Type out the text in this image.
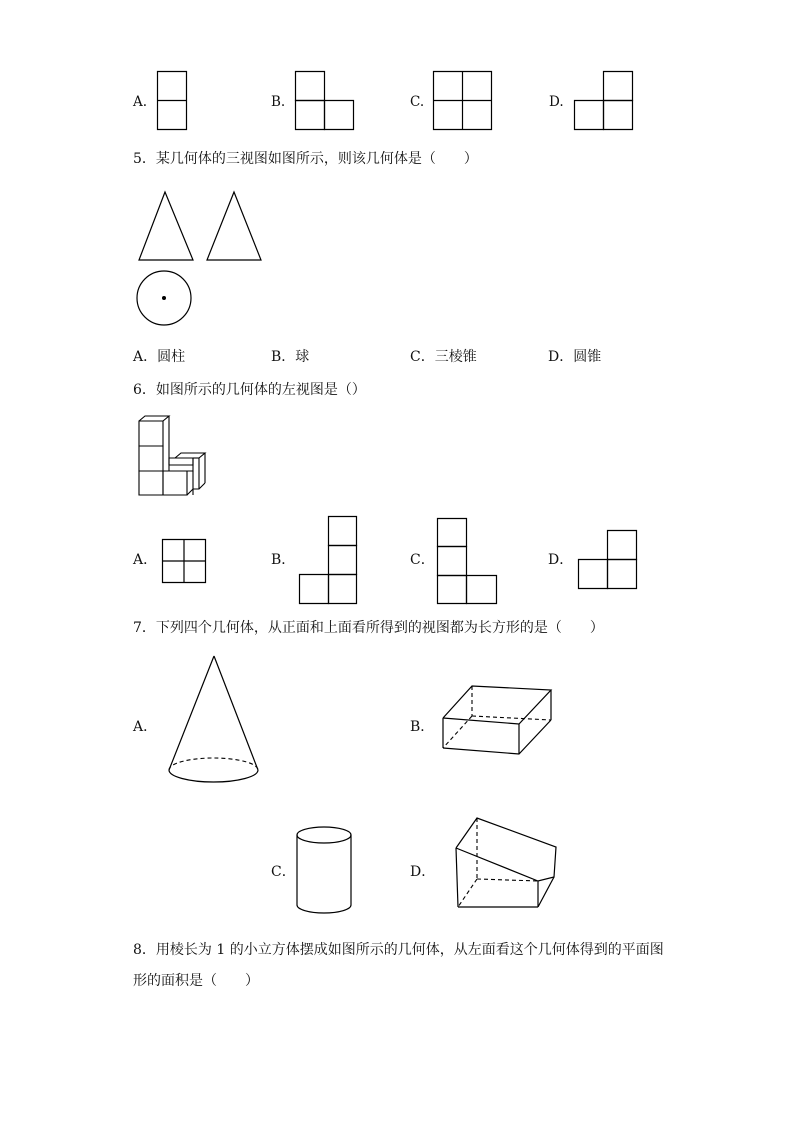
A.	B.	C.	D.
5．某几何体的三视图如图所示，则该几何体是（　　）
A．圆柱	B．球	C．三棱锥	D．圆锥
6．如图所示的几何体的左视图是（）
A．	B．	C．	D．
7．下列四个几何体，从正面和上面看所得到的视图都为长方形的是（　　）
A．	B．
C．	D．
8．用棱长为 1 的小立方体摆成如图所示的几何体，从左面看这个几何体得到的平面图
形的面积是（　　）
